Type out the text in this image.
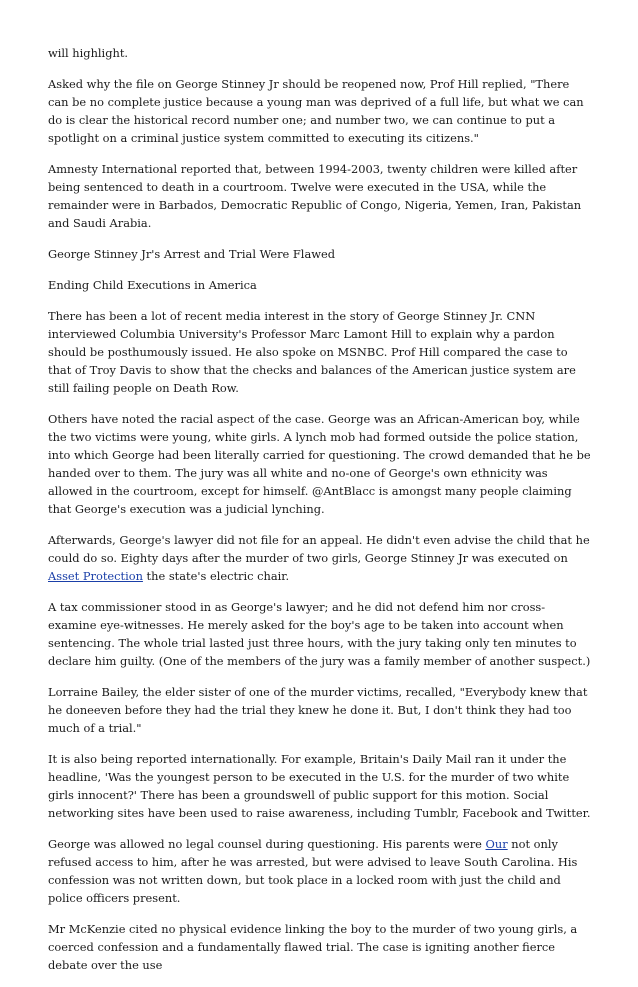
will highlight.

Asked why the file on George Stinney Jr should be reopened now, Prof Hill replied, "There can be no complete justice because a young man was deprived of a full life, but what we can do is clear the historical record number one; and number two, we can continue to put a spotlight on a criminal justice system committed to executing its citizens."

Amnesty International reported that, between 1994-2003, twenty children were killed after being sentenced to death in a courtroom. Twelve were executed in the USA, while the remainder were in Barbados, Democratic Republic of Congo, Nigeria, Yemen, Iran, Pakistan and Saudi Arabia.

George Stinney Jr's Arrest and Trial Were Flawed

Ending Child Executions in America

There has been a lot of recent media interest in the story of George Stinney Jr. CNN interviewed Columbia University's Professor Marc Lamont Hill to explain why a pardon should be posthumously issued. He also spoke on MSNBC. Prof Hill compared the case to that of Troy Davis to show that the checks and balances of the American justice system are still failing people on Death Row.

Others have noted the racial aspect of the case. George was an African-American boy, while the two victims were young, white girls. A lynch mob had formed outside the police station, into which George had been literally carried for questioning. The crowd demanded that he be handed over to them. The jury was all white and no-one of George's own ethnicity was allowed in the courtroom, except for himself. @AntBlacc is amongst many people claiming that George's execution was a judicial lynching.

Afterwards, George's lawyer did not file for an appeal. He didn't even advise the child that he could do so. Eighty days after the murder of two girls, George Stinney Jr was executed on Asset Protection the state's electric chair.

A tax commissioner stood in as George's lawyer; and he did not defend him nor cross-examine eye-witnesses. He merely asked for the boy's age to be taken into account when sentencing. The whole trial lasted just three hours, with the jury taking only ten minutes to declare him guilty. (One of the members of the jury was a family member of another suspect.)

Lorraine Bailey, the elder sister of one of the murder victims, recalled, "Everybody knew that he doneeven before they had the trial they knew he done it. But, I don't think they had too much of a trial."

It is also being reported internationally. For example, Britain's Daily Mail ran it under the headline, 'Was the youngest person to be executed in the U.S. for the murder of two white girls innocent?' There has been a groundswell of public support for this motion. Social networking sites have been used to raise awareness, including Tumblr, Facebook and Twitter.

George was allowed no legal counsel during questioning. His parents were Our not only refused access to him, after he was arrested, but were advised to leave South Carolina. His confession was not written down, but took place in a locked room with just the child and police officers present.

Mr McKenzie cited no physical evidence linking the boy to the murder of two young girls, a coerced confession and a fundamentally flawed trial. The case is igniting another fierce debate over the use
